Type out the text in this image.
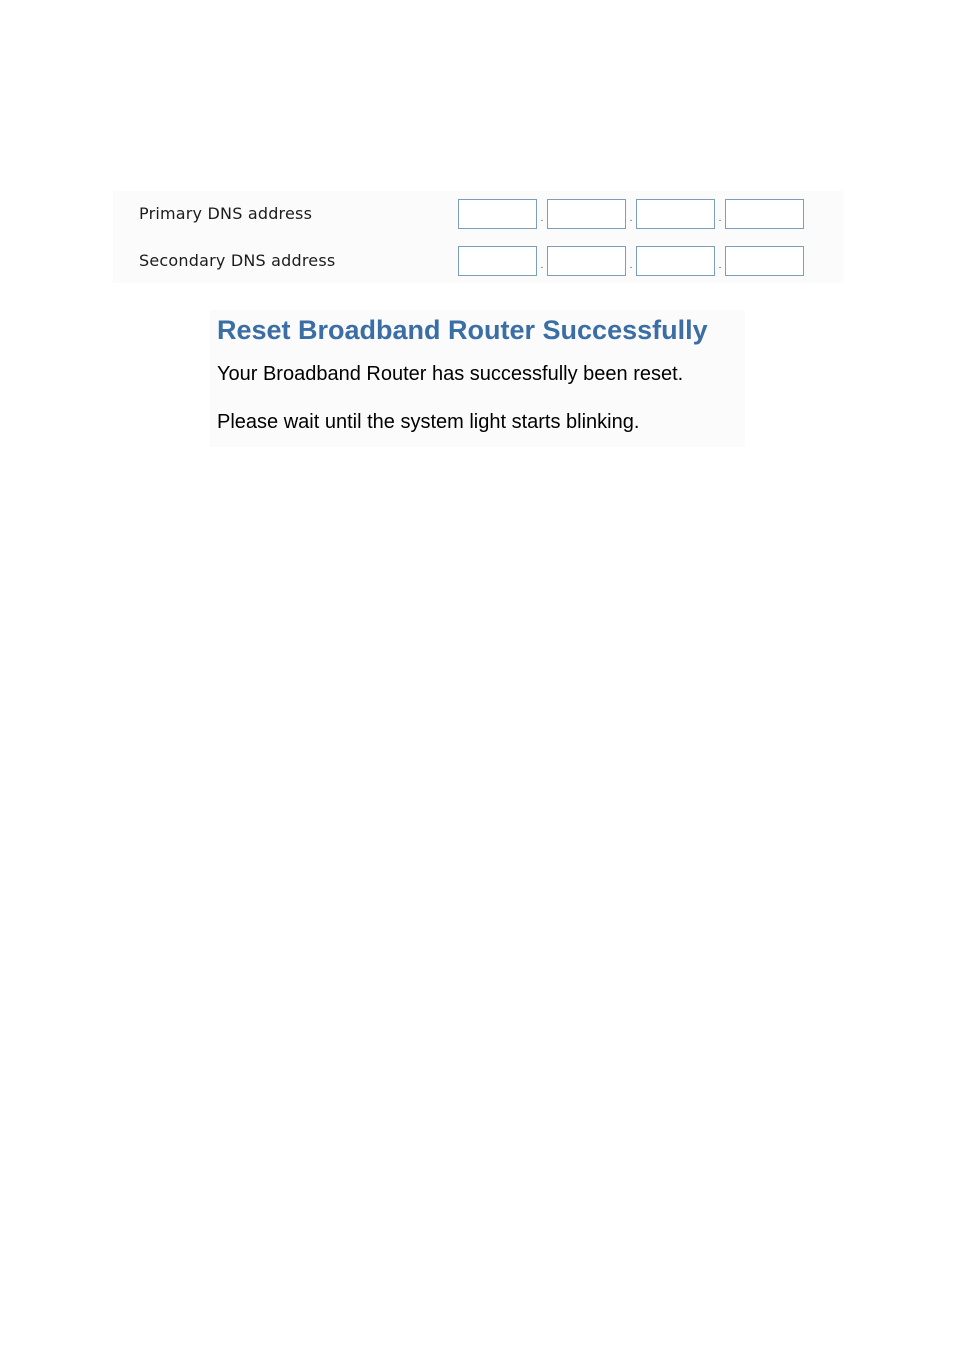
Primary DNS address	.	.	.
Secondary DNS address	.	.	.
Reset Broadband Router Successfully

Your Broadband Router has successfully been reset.

Please wait until the system light starts blinking.
